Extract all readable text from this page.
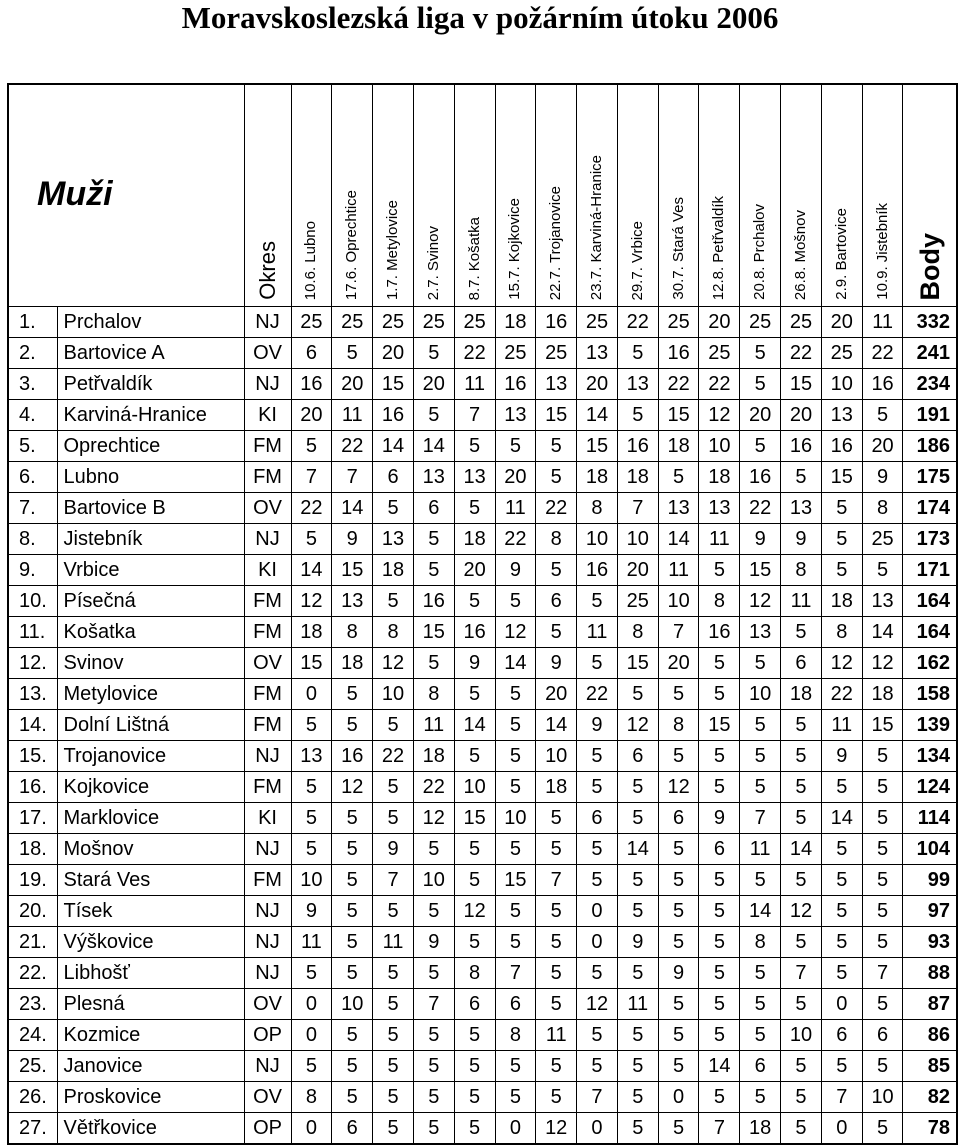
Moravskoslezská liga v požárním útoku 2006
Muži		Okres	10.6. Lubno	17.6. Oprechtice	1.7. Metylovice	2.7. Svinov	8.7. Košatka	15.7. Kojkovice	22.7. Trojanovice	23.7. Karviná-Hranice	29.7. Vrbice	30.7. Stará Ves	12.8. Petřvaldík	20.8. Prchalov	26.8. Mošnov	2.9. Bartovice	10.9. Jistebník	Body

1.	Prchalov	NJ	25	25	25	25	25	18	16	25	22	25	20	25	25	20	11	332
2.	Bartovice A	OV	6	5	20	5	22	25	25	13	5	16	25	5	22	25	22	241
3.	Petřvaldík	NJ	16	20	15	20	11	16	13	20	13	22	22	5	15	10	16	234
4.	Karviná-Hranice	KI	20	11	16	5	7	13	15	14	5	15	12	20	20	13	5	191
5.	Oprechtice	FM	5	22	14	14	5	5	5	15	16	18	10	5	16	16	20	186
6.	Lubno	FM	7	7	6	13	13	20	5	18	18	5	18	16	5	15	9	175
7.	Bartovice B	OV	22	14	5	6	5	11	22	8	7	13	13	22	13	5	8	174
8.	Jistebník	NJ	5	9	13	5	18	22	8	10	10	14	11	9	9	5	25	173
9.	Vrbice	KI	14	15	18	5	20	9	5	16	20	11	5	15	8	5	5	171
10.	Písečná	FM	12	13	5	16	5	5	6	5	25	10	8	12	11	18	13	164
11.	Košatka	FM	18	8	8	15	16	12	5	11	8	7	16	13	5	8	14	164
12.	Svinov	OV	15	18	12	5	9	14	9	5	15	20	5	5	6	12	12	162
13.	Metylovice	FM	0	5	10	8	5	5	20	22	5	5	5	10	18	22	18	158
14.	Dolní Lištná	FM	5	5	5	11	14	5	14	9	12	8	15	5	5	11	15	139
15.	Trojanovice	NJ	13	16	22	18	5	5	10	5	6	5	5	5	5	9	5	134
16.	Kojkovice	FM	5	12	5	22	10	5	18	5	5	12	5	5	5	5	5	124
17.	Marklovice	KI	5	5	5	12	15	10	5	6	5	6	9	7	5	14	5	114
18.	Mošnov	NJ	5	5	9	5	5	5	5	5	14	5	6	11	14	5	5	104
19.	Stará Ves	FM	10	5	7	10	5	15	7	5	5	5	5	5	5	5	5	99
20.	Tísek	NJ	9	5	5	5	12	5	5	0	5	5	5	14	12	5	5	97
21.	Výškovice	NJ	11	5	11	9	5	5	5	0	9	5	5	8	5	5	5	93
22.	Libhošť	NJ	5	5	5	5	8	7	5	5	5	9	5	5	7	5	7	88
23.	Plesná	OV	0	10	5	7	6	6	5	12	11	5	5	5	5	0	5	87
24.	Kozmice	OP	0	5	5	5	5	8	11	5	5	5	5	5	10	6	6	86
25.	Janovice	NJ	5	5	5	5	5	5	5	5	5	5	14	6	5	5	5	85
26.	Proskovice	OV	8	5	5	5	5	5	5	7	5	0	5	5	5	7	10	82
27.	Větřkovice	OP	0	6	5	5	5	0	12	0	5	5	7	18	5	0	5	78
